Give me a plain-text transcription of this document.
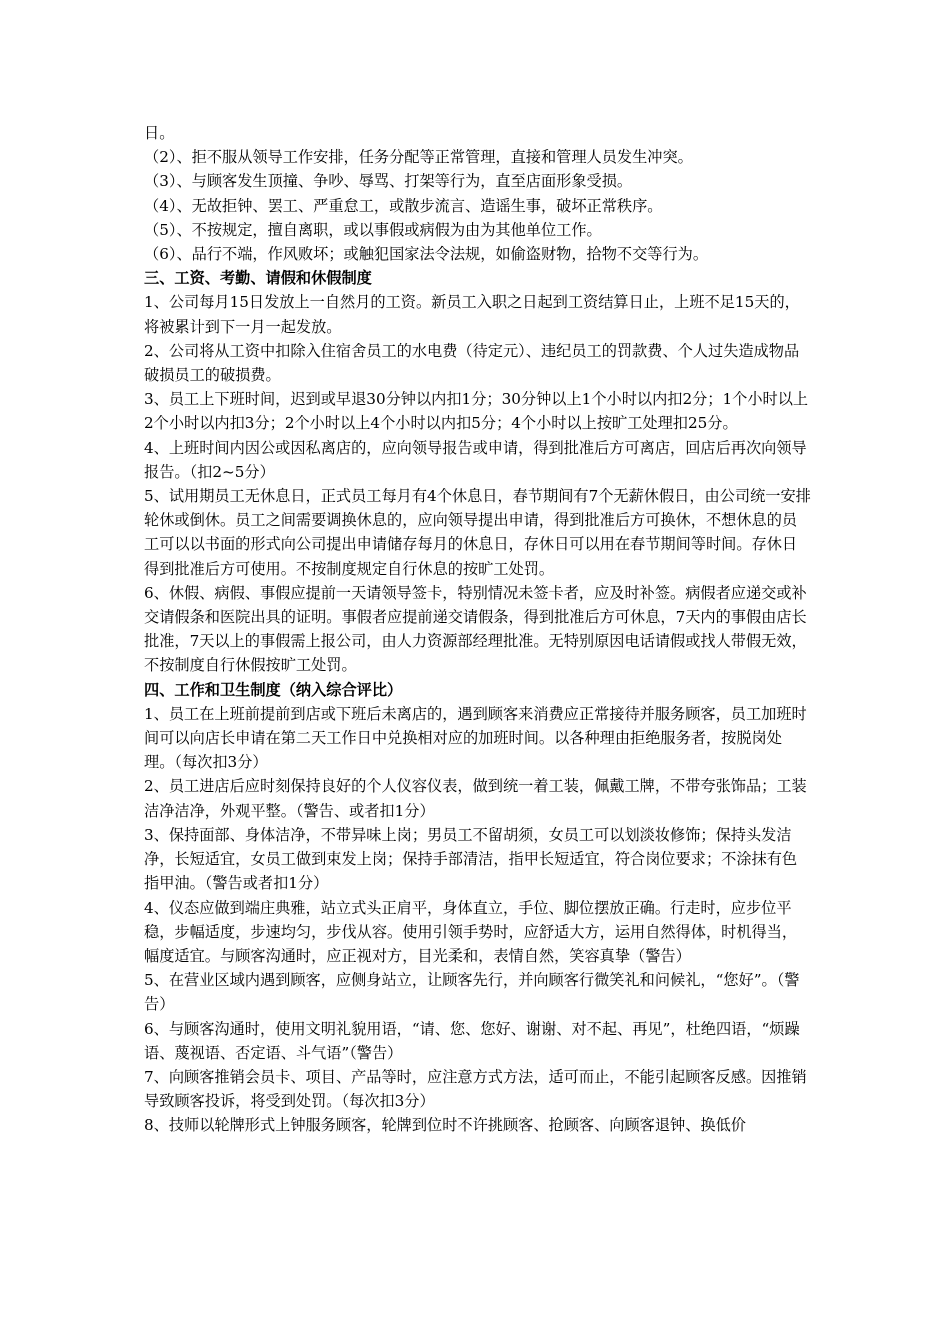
日。

（2）、拒不服从领导工作安排，任务分配等正常管理，直接和管理人员发生冲突。

（3）、与顾客发生顶撞、争吵、辱骂、打架等行为，直至店面形象受损。

（4）、无故拒钟、罢工、严重怠工，或散步流言、造谣生事，破坏正常秩序。

（5）、不按规定，擅自离职，或以事假或病假为由为其他单位工作。

（6）、品行不端，作风败坏；或触犯国家法令法规，如偷盗财物，拾物不交等行为。

三、工资、考勤、请假和休假制度

1、公司每月15日发放上一自然月的工资。新员工入职之日起到工资结算日止，上班不足15天的，将被累计到下一月一起发放。

2、公司将从工资中扣除入住宿舍员工的水电费（待定元）、违纪员工的罚款费、个人过失造成物品破损员工的破损费。

3、员工上下班时间，迟到或早退30分钟以内扣1分；30分钟以上1个小时以内扣2分；1个小时以上2个小时以内扣3分；2个小时以上4个小时以内扣5分；4个小时以上按旷工处理扣25分。

4、上班时间内因公或因私离店的，应向领导报告或申请，得到批准后方可离店，回店后再次向领导报告。（扣2~5分）

5、试用期员工无休息日，正式员工每月有4个休息日，春节期间有7个无薪休假日，由公司统一安排轮休或倒休。员工之间需要调换休息的，应向领导提出申请，得到批准后方可换休，不想休息的员工可以以书面的形式向公司提出申请储存每月的休息日，存休日可以用在春节期间等时间。存休日得到批准后方可使用。不按制度规定自行休息的按旷工处罚。

6、休假、病假、事假应提前一天请领导签卡，特别情况未签卡者，应及时补签。病假者应递交或补交请假条和医院出具的证明。事假者应提前递交请假条，得到批准后方可休息，7天内的事假由店长批准，7天以上的事假需上报公司，由人力资源部经理批准。无特别原因电话请假或找人带假无效，不按制度自行休假按旷工处罚。

四、工作和卫生制度（纳入综合评比）

1、员工在上班前提前到店或下班后未离店的，遇到顾客来消费应正常接待并服务顾客，员工加班时间可以向店长申请在第二天工作日中兑换相对应的加班时间。以各种理由拒绝服务者，按脱岗处理。（每次扣3分）

2、员工进店后应时刻保持良好的个人仪容仪表，做到统一着工装，佩戴工牌，不带夸张饰品；工装洁净洁净，外观平整。（警告、或者扣1分）

3、保持面部、身体洁净，不带异味上岗；男员工不留胡须，女员工可以划淡妆修饰；保持头发洁净，长短适宜，女员工做到束发上岗；保持手部清洁，指甲长短适宜，符合岗位要求；不涂抹有色指甲油。（警告或者扣1分）

4、仪态应做到端庄典雅，站立式头正肩平，身体直立，手位、脚位摆放正确。行走时，应步位平稳，步幅适度，步速均匀，步伐从容。使用引领手势时，应舒适大方，运用自然得体，时机得当，幅度适宜。与顾客沟通时，应正视对方，目光柔和，表情自然，笑容真挚（警告）

5、在营业区域内遇到顾客，应侧身站立，让顾客先行，并向顾客行微笑礼和问候礼，“您好”。（警告）

6、与顾客沟通时，使用文明礼貌用语，“请、您、您好、谢谢、对不起、再见”，杜绝四语，“烦躁语、蔑视语、否定语、斗气语”（警告）

7、向顾客推销会员卡、项目、产品等时，应注意方式方法，适可而止，不能引起顾客反感。因推销导致顾客投诉，将受到处罚。（每次扣3分）

8、技师以轮牌形式上钟服务顾客，轮牌到位时不许挑顾客、抢顾客、向顾客退钟、换低价
